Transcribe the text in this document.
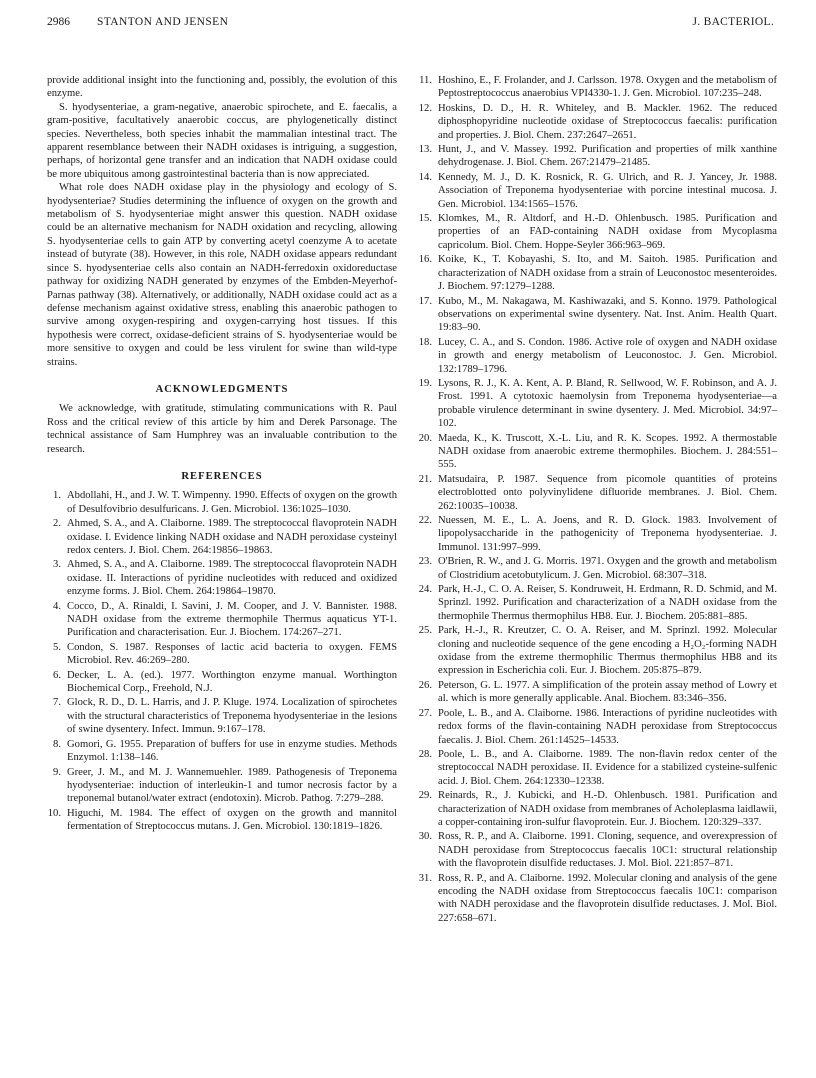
2986 STANTON AND JENSEN	J. BACTERIOL.

provide additional insight into the functioning and, possibly, the evolution of this enzyme.

S. hyodysenteriae, a gram-negative, anaerobic spirochete, and E. faecalis, a gram-positive, facultatively anaerobic coccus, are phylogenetically distinct species. Nevertheless, both species inhabit the mammalian intestinal tract. The apparent resemblance between their NADH oxidases is intriguing, a suggestion, perhaps, of horizontal gene transfer and an indication that NADH oxidase could be more ubiquitous among gastrointestinal bacteria than is now appreciated.

What role does NADH oxidase play in the physiology and ecology of S. hyodysenteriae? Studies determining the influence of oxygen on the growth and metabolism of S. hyodysenteriae might answer this question. NADH oxidase could be an alternative mechanism for NADH oxidation and recycling, allowing S. hyodysenteriae cells to gain ATP by converting acetyl coenzyme A to acetate instead of butyrate (38). However, in this role, NADH oxidase appears redundant since S. hyodysenteriae cells also contain an NADH-ferredoxin oxidoreductase pathway for oxidizing NADH generated by enzymes of the Embden-Meyerhof-Parnas pathway (38). Alternatively, or additionally, NADH oxidase could act as a defense mechanism against oxidative stress, enabling this anaerobic pathogen to survive among oxygen-respiring and oxygen-carrying host tissues. If this hypothesis were correct, oxidase-deficient strains of S. hyodysenteriae would be more sensitive to oxygen and could be less virulent for swine than wild-type strains.

ACKNOWLEDGMENTS

We acknowledge, with gratitude, stimulating communications with R. Paul Ross and the critical review of this article by him and Derek Parsonage. The technical assistance of Sam Humphrey was an invaluable contribution to the research.

REFERENCES
1. Abdollahi, H., and J. W. T. Wimpenny. 1990. Effects of oxygen on the growth of Desulfovibrio desulfuricans. J. Gen. Microbiol. 136:1025–1030.
2. Ahmed, S. A., and A. Claiborne. 1989. The streptococcal flavoprotein NADH oxidase. I. Evidence linking NADH oxidase and NADH peroxidase cysteinyl redox centers. J. Biol. Chem. 264:19856–19863.
3. Ahmed, S. A., and A. Claiborne. 1989. The streptococcal flavoprotein NADH oxidase. II. Interactions of pyridine nucleotides with reduced and oxidized enzyme forms. J. Biol. Chem. 264:19864–19870.
4. Cocco, D., A. Rinaldi, I. Savini, J. M. Cooper, and J. V. Bannister. 1988. NADH oxidase from the extreme thermophile Thermus aquaticus YT-1. Purification and characterisation. Eur. J. Biochem. 174:267–271.
5. Condon, S. 1987. Responses of lactic acid bacteria to oxygen. FEMS Microbiol. Rev. 46:269–280.
6. Decker, L. A. (ed.). 1977. Worthington enzyme manual. Worthington Biochemical Corp., Freehold, N.J.
7. Glock, R. D., D. L. Harris, and J. P. Kluge. 1974. Localization of spirochetes with the structural characteristics of Treponema hyodysenteriae in the lesions of swine dysentery. Infect. Immun. 9:167–178.
8. Gomori, G. 1955. Preparation of buffers for use in enzyme studies. Methods Enzymol. 1:138–146.
9. Greer, J. M., and M. J. Wannemuehler. 1989. Pathogenesis of Treponema hyodysenteriae: induction of interleukin-1 and tumor necrosis factor by a treponemal butanol/water extract (endotoxin). Microb. Pathog. 7:279–288.
10. Higuchi, M. 1984. The effect of oxygen on the growth and mannitol fermentation of Streptococcus mutans. J. Gen. Microbiol. 130:1819–1826.
11. Hoshino, E., F. Frolander, and J. Carlsson. 1978. Oxygen and the metabolism of Peptostreptococcus anaerobius VPI4330-1. J. Gen. Microbiol. 107:235–248.
12. Hoskins, D. D., H. R. Whiteley, and B. Mackler. 1962. The reduced diphosphopyridine nucleotide oxidase of Streptococcus faecalis: purification and properties. J. Biol. Chem. 237:2647–2651.
13. Hunt, J., and V. Massey. 1992. Purification and properties of milk xanthine dehydrogenase. J. Biol. Chem. 267:21479–21485.
14. Kennedy, M. J., D. K. Rosnick, R. G. Ulrich, and R. J. Yancey, Jr. 1988. Association of Treponema hyodysenteriae with porcine intestinal mucosa. J. Gen. Microbiol. 134:1565–1576.
15. Klomkes, M., R. Altdorf, and H.-D. Ohlenbusch. 1985. Purification and properties of an FAD-containing NADH oxidase from Mycoplasma capricolum. Biol. Chem. Hoppe-Seyler 366:963–969.
16. Koike, K., T. Kobayashi, S. Ito, and M. Saitoh. 1985. Purification and characterization of NADH oxidase from a strain of Leuconostoc mesenteroides. J. Biochem. 97:1279–1288.
17. Kubo, M., M. Nakagawa, M. Kashiwazaki, and S. Konno. 1979. Pathological observations on experimental swine dysentery. Nat. Inst. Anim. Health Quart. 19:83–90.
18. Lucey, C. A., and S. Condon. 1986. Active role of oxygen and NADH oxidase in growth and energy metabolism of Leuconostoc. J. Gen. Microbiol. 132:1789–1796.
19. Lysons, R. J., K. A. Kent, A. P. Bland, R. Sellwood, W. F. Robinson, and A. J. Frost. 1991. A cytotoxic haemolysin from Treponema hyodysenteriae—a probable virulence determinant in swine dysentery. J. Med. Microbiol. 34:97–102.
20. Maeda, K., K. Truscott, X.-L. Liu, and R. K. Scopes. 1992. A thermostable NADH oxidase from anaerobic extreme thermophiles. Biochem. J. 284:551–555.
21. Matsudaira, P. 1987. Sequence from picomole quantities of proteins electroblotted onto polyvinylidene difluoride membranes. J. Biol. Chem. 262:10035–10038.
22. Nuessen, M. E., L. A. Joens, and R. D. Glock. 1983. Involvement of lipopolysaccharide in the pathogenicity of Treponema hyodysenteriae. J. Immunol. 131:997–999.
23. O'Brien, R. W., and J. G. Morris. 1971. Oxygen and the growth and metabolism of Clostridium acetobutylicum. J. Gen. Microbiol. 68:307–318.
24. Park, H.-J., C. O. A. Reiser, S. Kondruweit, H. Erdmann, R. D. Schmid, and M. Sprinzl. 1992. Purification and characterization of a NADH oxidase from the thermophile Thermus thermophilus HB8. Eur. J. Biochem. 205:881–885.
25. Park, H.-J., R. Kreutzer, C. O. A. Reiser, and M. Sprinzl. 1992. Molecular cloning and nucleotide sequence of the gene encoding a H₂O₂-forming NADH oxidase from the extreme thermophilic Thermus thermophilus HB8 and its expression in Escherichia coli. Eur. J. Biochem. 205:875–879.
26. Peterson, G. L. 1977. A simplification of the protein assay method of Lowry et al. which is more generally applicable. Anal. Biochem. 83:346–356.
27. Poole, L. B., and A. Claiborne. 1986. Interactions of pyridine nucleotides with redox forms of the flavin-containing NADH peroxidase from Streptococcus faecalis. J. Biol. Chem. 261:14525–14533.
28. Poole, L. B., and A. Claiborne. 1989. The non-flavin redox center of the streptococcal NADH peroxidase. II. Evidence for a stabilized cysteine-sulfenic acid. J. Biol. Chem. 264:12330–12338.
29. Reinards, R., J. Kubicki, and H.-D. Ohlenbusch. 1981. Purification and characterization of NADH oxidase from membranes of Acholeplasma laidlawii, a copper-containing iron-sulfur flavoprotein. Eur. J. Biochem. 120:329–337.
30. Ross, R. P., and A. Claiborne. 1991. Cloning, sequence, and overexpression of NADH peroxidase from Streptococcus faecalis 10C1: structural relationship with the flavoprotein disulfide reductases. J. Mol. Biol. 221:857–871.
31. Ross, R. P., and A. Claiborne. 1992. Molecular cloning and analysis of the gene encoding the NADH oxidase from Streptococcus faecalis 10C1: comparison with NADH peroxidase and the flavoprotein disulfide reductases. J. Mol. Biol. 227:658–671.
